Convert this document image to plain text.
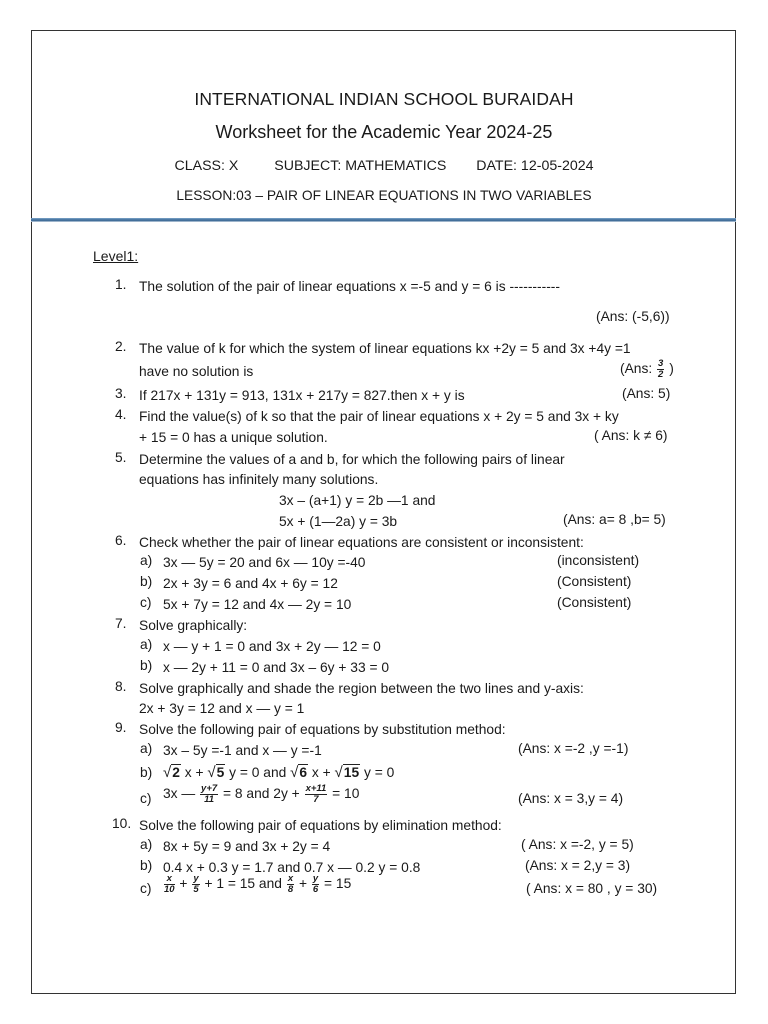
INTERNATIONAL INDIAN SCHOOL BURAIDAH
Worksheet for the Academic Year 2024-25
CLASS: X	SUBJECT: MATHEMATICS DATE: 12-05-2024
LESSON:03 – PAIR OF LINEAR EQUATIONS IN TWO VARIABLES
Level1:
1. The solution of the pair of linear equations x =-5 and y = 6 is -----------
(Ans: (-5,6))
2. The value of k for which the system of linear equations kx +2y = 5 and 3x +4y =1
have no solution is	(Ans: $\frac{3}{2}$ )
3. If 217x + 131y = 913, 131x + 217y = 827.then x + y is	(Ans: 5)
4. Find the value(s) of k so that the pair of linear equations x + 2y = 5 and 3x + ky
+ 15 = 0 has a unique solution.	( Ans: k ≠ 6)
5. Determine the values of a and b, for which the following pairs of linear
equations has infinitely many solutions.
3x – (a+1) y = 2b —1 and
5x + (1—2a) y = 3b	(Ans: a= 8 ,b= 5)
6. Check whether the pair of linear equations are consistent or inconsistent:
a) 3x — 5y = 20 and 6x — 10y =-40	(inconsistent)
b) 2x + 3y = 6 and 4x + 6y = 12	(Consistent)
c) 5x + 7y = 12 and 4x — 2y = 10	(Consistent)
7. Solve graphically:
a) x — y + 1 = 0 and 3x + 2y — 12 = 0
b) x — 2y + 11 = 0 and 3x – 6y + 33 = 0
8. Solve graphically and shade the region between the two lines and y-axis:
2x + 3y = 12 and x — y = 1
9. Solve the following pair of equations by substitution method:
a) 3x – 5y =-1 and x — y =-1	(Ans: x =-2 ,y =-1)
b) √2 x + √5 y = 0 and √6 x + √15 y = 0
c) 3x — $\frac{y+7}{11} = 8$ and $2y + \frac{x+11}{7} = 10$	(Ans: x = 3,y = 4)
10. Solve the following pair of equations by elimination method:
a) 8x + 5y = 9 and 3x + 2y = 4	( Ans: x =-2, y = 5)
b) 0.4 x + 0.3 y = 1.7 and 0.7 x — 0.2 y = 0.8	(Ans: x = 2,y = 3)
$c) \frac{x}{10} + \frac{y}{5} + 1 = 15$ and $\frac{x}{8} + \frac{y}{6} = 15$	( Ans: x = 80 , y = 30)
